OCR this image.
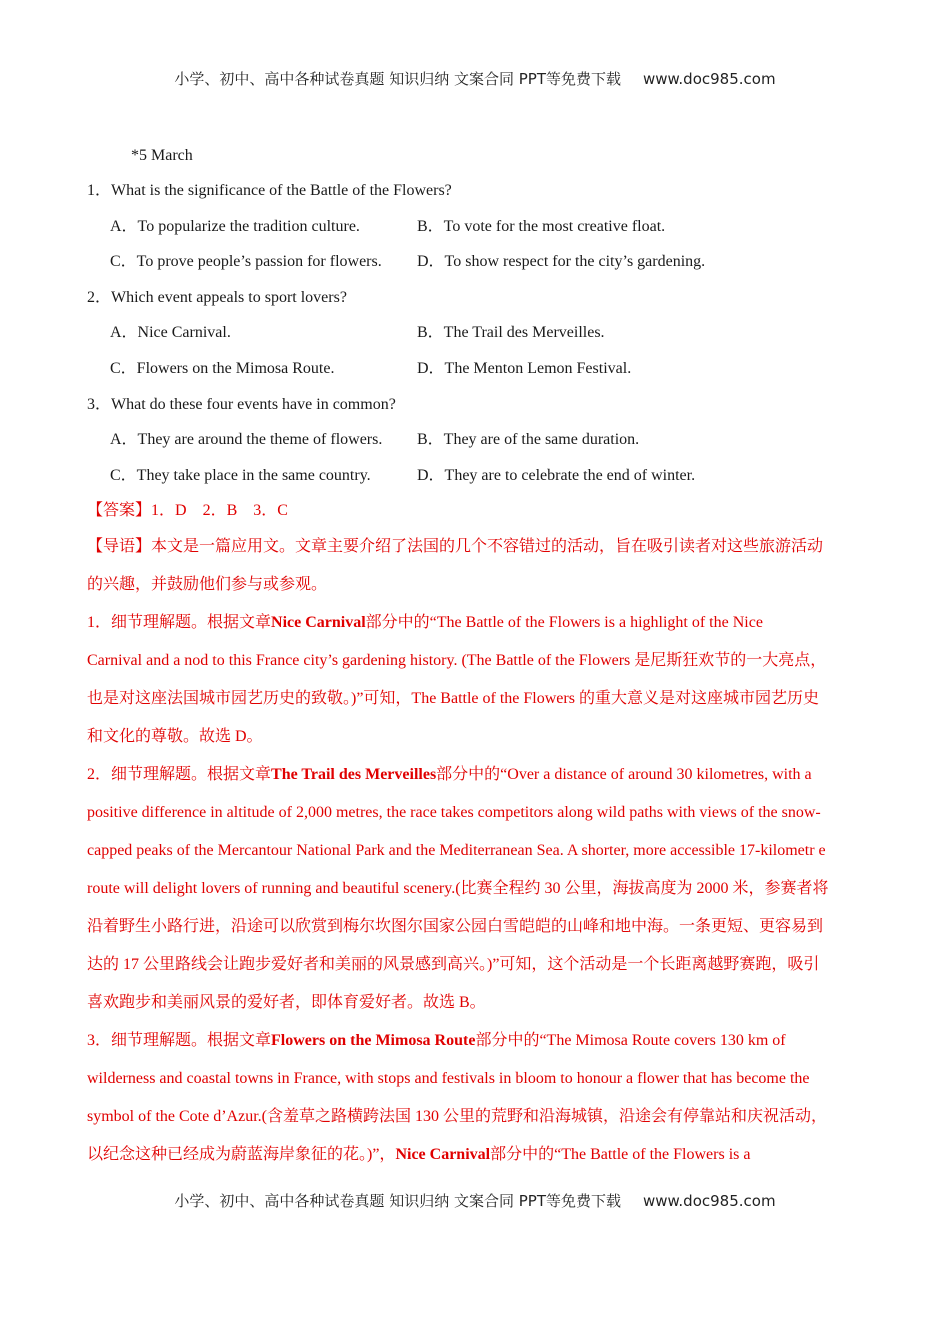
小学、初中、高中各种试卷真题 知识归纳 文案合同 PPT等免费下载 www.doc985.com
*5 March
1．What is the significance of the Battle of the Flowers?
A．To popularize the tradition culture.	B．To vote for the most creative float.
C．To prove people’s passion for flowers. D．To show respect for the city’s gardening.
2．Which event appeals to sport lovers?
A．Nice Carnival.	B．The Trail des Merveilles.
C．Flowers on the Mimosa Route.	D．The Menton Lemon Festival.
3．What do these four events have in common?
A．They are around the theme of flowers. B．They are of the same duration.
C．They take place in the same country.	D．They are to celebrate the end of winter.
【答案】1．D　2．B　3．C
【导语】本文是一篇应用文。文章主要介绍了法国的几个不容错过的活动，旨在吸引读者对这些旅游活动
的兴趣，并鼓励他们参与或参观。
1．细节理解题。根据文章Nice Carnival部分中的“The Battle of the Flowers is a highlight of the Nice
Carnival and a nod to this France city’s gardening history. (The Battle of the Flowers 是尼斯狂欢节的一大亮点，
也是对这座法国城市园艺历史的致敬。)”可知，The Battle of the Flowers 的重大意义是对这座城市园艺历史
和文化的尊敬。故选 D。
2．细节理解题。根据文章The Trail des Merveilles部分中的“Over a distance of around 30 kilometres, with a
positive difference in altitude of 2,000 metres, the race takes competitors along wild paths with views of the snow-
capped peaks of the Mercantour National Park and the Mediterranean Sea. A shorter, more accessible 17-kilometr e
route will delight lovers of running and beautiful scenery.(比赛全程约 30 公里，海拔高度为 2000 米，参赛者将
沿着野生小路行进，沿途可以欣赏到梅尔坎图尔国家公园白雪皑皑的山峰和地中海。一条更短、更容易到
达的 17 公里路线会让跑步爱好者和美丽的风景感到高兴。)”可知，这个活动是一个长距离越野赛跑，吸引
喜欢跑步和美丽风景的爱好者，即体育爱好者。故选 B。
3．细节理解题。根据文章Flowers on the Mimosa Route部分中的“The Mimosa Route covers 130 km of
wilderness and coastal towns in France, with stops and festivals in bloom to honour a flower that has become the
symbol of the Cote d’Azur.(含羞草之路横跨法国 130 公里的荒野和沿海城镇，沿途会有停靠站和庆祝活动，
以纪念这种已经成为蔚蓝海岸象征的花。)”，Nice Carnival部分中的“The Battle of the Flowers is a
小学、初中、高中各种试卷真题 知识归纳 文案合同 PPT等免费下载 www.doc985.com
